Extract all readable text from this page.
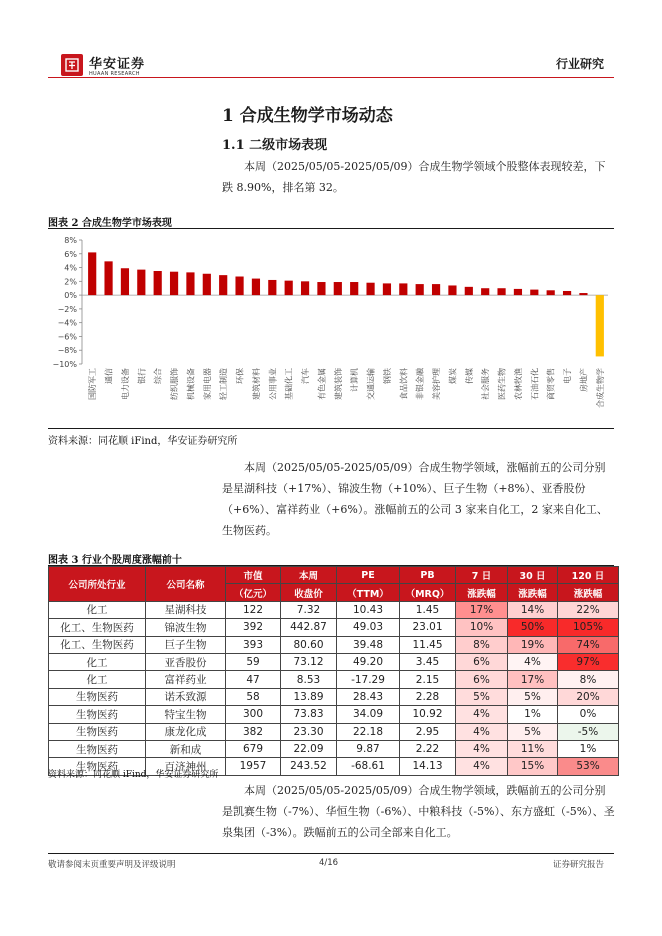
华安证券
HUAAN RESEARCH
行业研究
1 合成生物学市场动态
1.1 二级市场表现
本周（2025/05/05-2025/05/09）合成生物学领域个股整体表现较差，下跌 8.90%，排名第 32。
图表 2 合成生物学市场表现
8%
6%
4%
2%
0%
−2%
−4%
−6%
−8%
−10%
国防军工 通信 电力设备 银行 综合 纺织服饰 机械设备 家用电器 轻工制造 环保 建筑材料 公用事业 基础化工 汽车 有色金属 建筑装饰 计算机 交通运输 钢铁 食品饮料 非银金融 美容护理 煤炭 传媒 社会服务 医药生物 农林牧渔 石油石化 商贸零售 电子 房地产 合成生物学
资料来源：同花顺 iFind，华安证券研究所
本周（2025/05/05-2025/05/09）合成生物学领域，涨幅前五的公司分别是星湖科技（+17%）、锦波生物（+10%）、巨子生物（+8%）、亚香股份（+6%）、富祥药业（+6%）。涨幅前五的公司 3 家来自化工，2 家来自化工、生物医药。
图表 3 行业个股周度涨幅前十
公司所处行业	公司名称	市值	本周	PE	PB	7 日	30 日	120 日
		（亿元）	收盘价	（TTM）	（MRQ）	涨跌幅	涨跌幅	涨跌幅
化工	星湖科技	122	7.32	10.43	1.45	17%	14%	22%
化工、生物医药	锦波生物	392	442.87	49.03	23.01	10%	50%	105%
化工、生物医药	巨子生物	393	80.60	39.48	11.45	8%	19%	74%
化工	亚香股份	59	73.12	49.20	3.45	6%	4%	97%
化工	富祥药业	47	8.53	-17.29	2.15	6%	17%	8%
生物医药	诺禾致源	58	13.89	28.43	2.28	5%	5%	20%
生物医药	特宝生物	300	73.83	34.09	10.92	4%	1%	0%
生物医药	康龙化成	382	23.30	22.18	2.95	4%	5%	-5%
生物医药	新和成	679	22.09	9.87	2.22	4%	11%	1%
生物医药	百济神州	1957	243.52	-68.61	14.13	4%	15%	53%
资料来源：同花顺 iFind，华安证券研究所
本周（2025/05/05-2025/05/09）合成生物学领域，跌幅前五的公司分别是凯赛生物（-7%）、华恒生物（-6%）、中粮科技（-5%）、东方盛虹（-5%）、圣泉集团（-3%）。跌幅前五的公司全部来自化工。
敬请参阅末页重要声明及评级说明	4/16	证券研究报告
